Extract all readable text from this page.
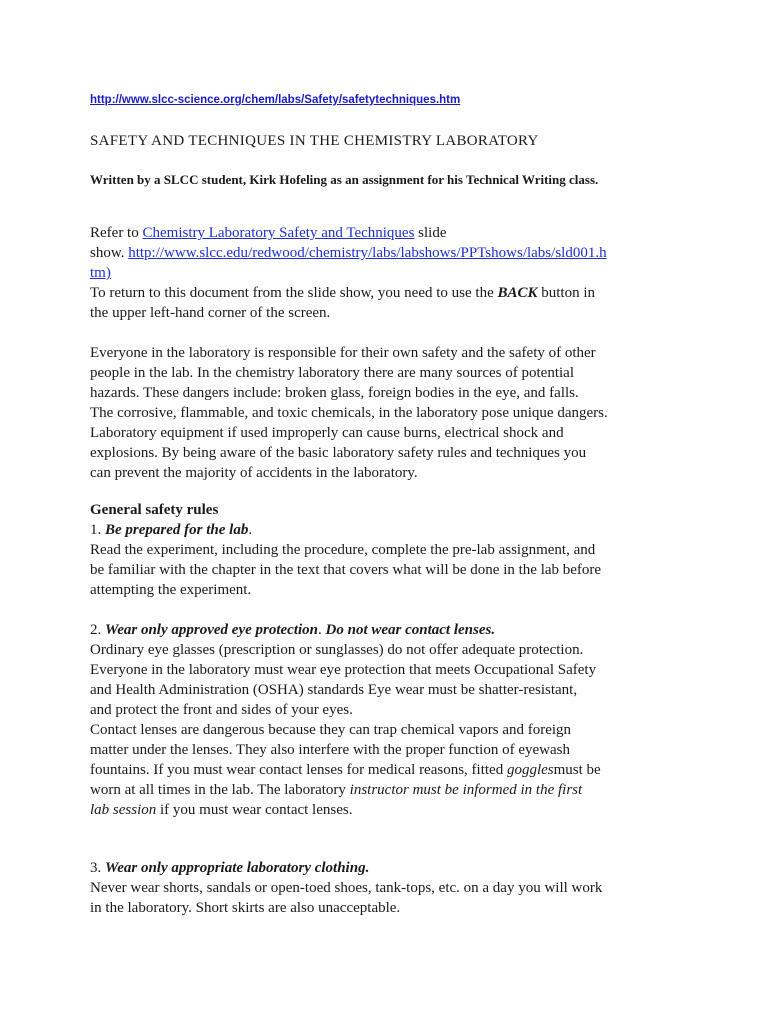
http://www.slcc-science.org/chem/labs/Safety/safetytechniques.htm
SAFETY AND TECHNIQUES IN THE CHEMISTRY LABORATORY
Written by a SLCC student, Kirk Hofeling as an assignment for his Technical Writing class.
Refer to Chemistry Laboratory Safety and Techniques slide
show. http://www.slcc.edu/redwood/chemistry/labs/labshows/PPTshows/labs/sld001.h
tm)
To return to this document from the slide show, you need to use the BACK button in
the upper left-hand corner of the screen.
Everyone in the laboratory is responsible for their own safety and the safety of other
people in the lab. In the chemistry laboratory there are many sources of potential
hazards. These dangers include: broken glass, foreign bodies in the eye, and falls.
The corrosive, flammable, and toxic chemicals, in the laboratory pose unique dangers.
Laboratory equipment if used improperly can cause burns, electrical shock and
explosions. By being aware of the basic laboratory safety rules and techniques you
can prevent the majority of accidents in the laboratory.
General safety rules
1. Be prepared for the lab.
Read the experiment, including the procedure, complete the pre-lab assignment, and
be familiar with the chapter in the text that covers what will be done in the lab before
attempting the experiment.
2. Wear only approved eye protection. Do not wear contact lenses.
Ordinary eye glasses (prescription or sunglasses) do not offer adequate protection.
Everyone in the laboratory must wear eye protection that meets Occupational Safety
and Health Administration (OSHA) standards Eye wear must be shatter-resistant,
and protect the front and sides of your eyes.
Contact lenses are dangerous because they can trap chemical vapors and foreign
matter under the lenses. They also interfere with the proper function of eyewash
fountains. If you must wear contact lenses for medical reasons, fitted gogglesmust be
worn at all times in the lab. The laboratory instructor must be informed in the first
lab session if you must wear contact lenses.
3. Wear only appropriate laboratory clothing.
Never wear shorts, sandals or open-toed shoes, tank-tops, etc. on a day you will work
in the laboratory. Short skirts are also unacceptable.
